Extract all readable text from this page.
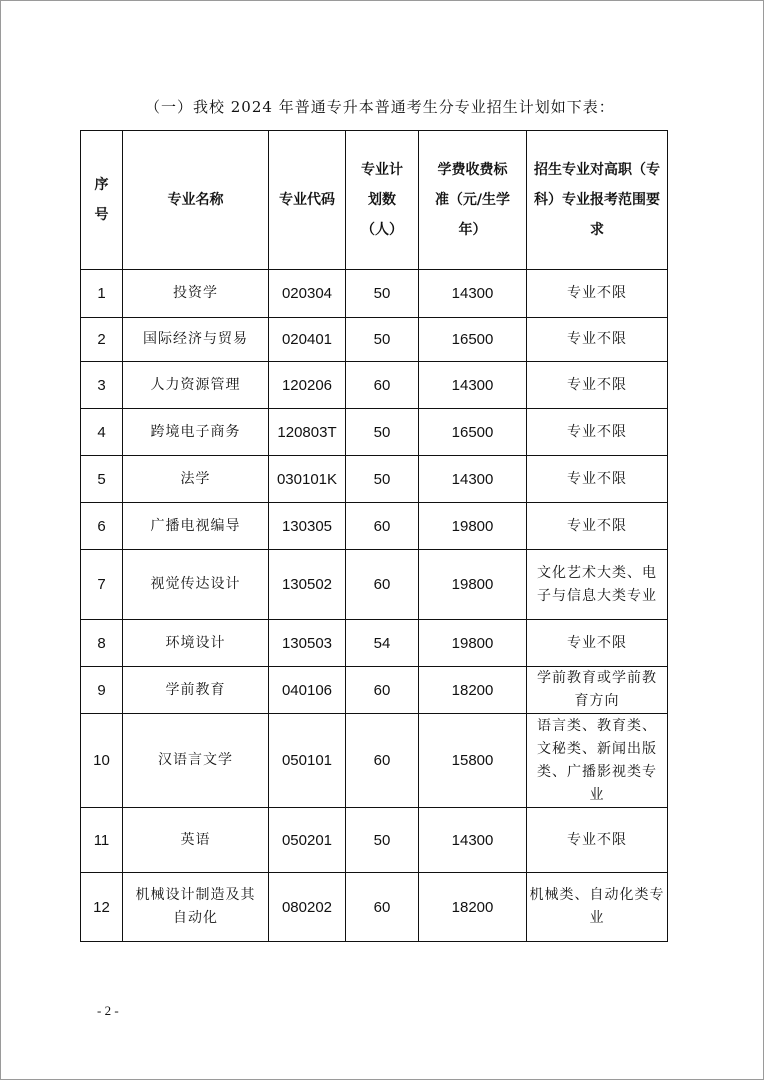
（一）我校 2024 年普通专升本普通考生分专业招生计划如下表：
序号	专业名称	专业代码	专业计划数（人）	学费收费标准（元/生学年）	招生专业对高职（专科）专业报考范围要求

1	投资学	020304	50	14300	专业不限

2	国际经济与贸易	020401	50	16500	专业不限

3	人力资源管理	120206	60	14300	专业不限

4	跨境电子商务	120803T	50	16500	专业不限

5	法学	030101K	50	14300	专业不限

6	广播电视编导	130305	60	19800	专业不限

7	视觉传达设计	130502	60	19800	文化艺术大类、电子与信息大类专业

8	环境设计	130503	54	19800	专业不限

9	学前教育	040106	60	18200	学前教育或学前教育方向

10	汉语言文学	050101	60	15800	语言类、教育类、文秘类、新闻出版类、广播影视类专业

11	英语	050201	50	14300	专业不限

12	机械设计制造及其自动化	080202	60	18200	机械类、自动化类专业
- 2 -
